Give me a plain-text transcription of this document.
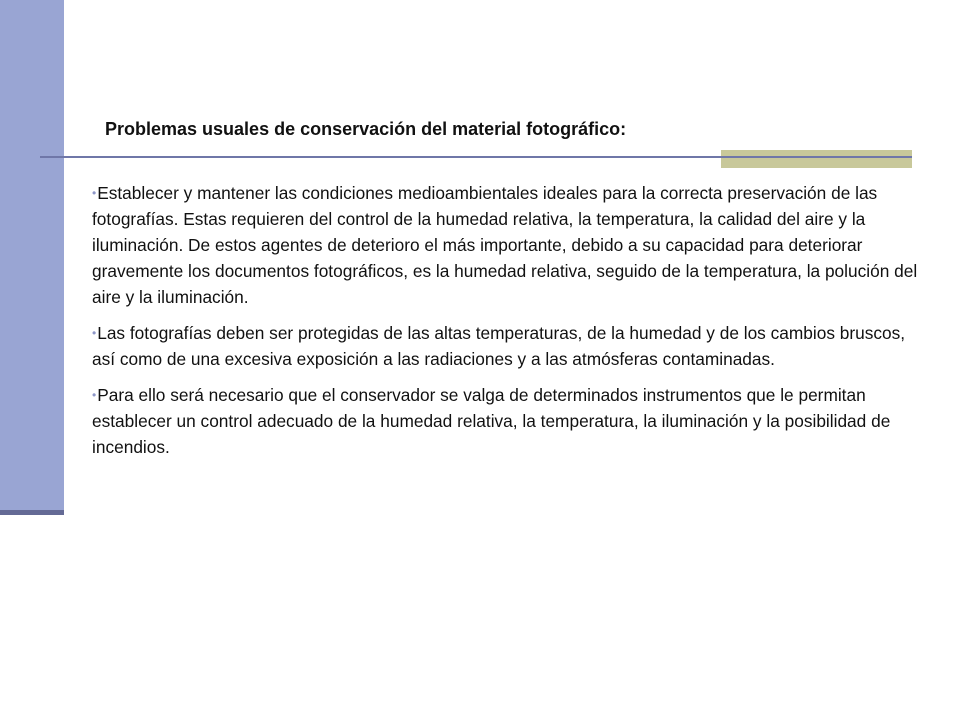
Problemas usuales de conservación del material fotográfico:

•Establecer y mantener las condiciones medioambientales ideales para la correcta preservación de las fotografías. Estas requieren del control de la humedad relativa, la temperatura, la calidad del aire y la iluminación. De estos agentes de deterioro el más importante, debido a su capacidad para deteriorar gravemente los documentos fotográficos, es la humedad relativa, seguido de la temperatura, la polución del aire y la iluminación.

•Las fotografías deben ser protegidas de las altas temperaturas, de la humedad y de los cambios bruscos, así como de una excesiva exposición a las radiaciones y a las atmósferas contaminadas.

•Para ello será necesario que el conservador se valga de determinados instrumentos que le permitan establecer un control adecuado de la humedad relativa, la temperatura, la iluminación y la posibilidad de incendios.
